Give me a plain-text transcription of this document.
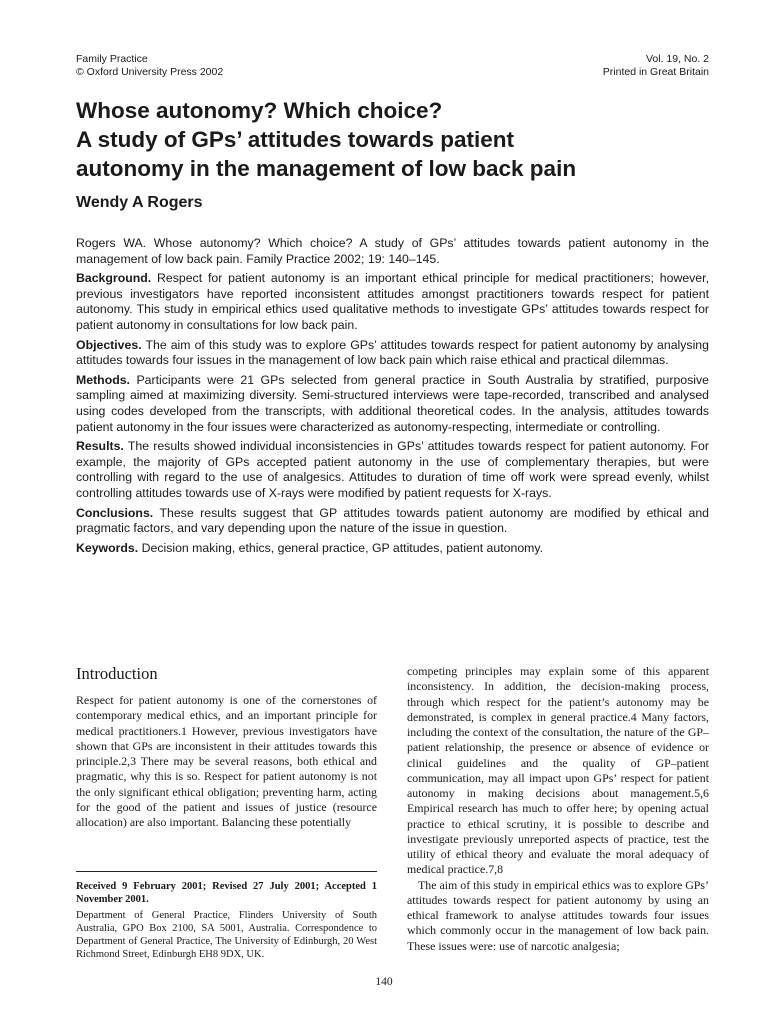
Family Practice
© Oxford University Press 2002
Vol. 19, No. 2
Printed in Great Britain
Whose autonomy? Which choice?
A study of GPs’ attitudes towards patient
autonomy in the management of low back pain
Wendy A Rogers

Rogers WA. Whose autonomy? Which choice? A study of GPs’ attitudes towards patient autonomy in the management of low back pain. Family Practice 2002; 19: 140–145.

Background. Respect for patient autonomy is an important ethical principle for medical practitioners; however, previous investigators have reported inconsistent attitudes amongst practitioners towards respect for patient autonomy. This study in empirical ethics used qualitative methods to investigate GPs’ attitudes towards respect for patient autonomy in consultations for low back pain.

Objectives. The aim of this study was to explore GPs’ attitudes towards respect for patient autonomy by analysing attitudes towards four issues in the management of low back pain which raise ethical and practical dilemmas.

Methods. Participants were 21 GPs selected from general practice in South Australia by stratified, purposive sampling aimed at maximizing diversity. Semi-structured interviews were tape-recorded, transcribed and analysed using codes developed from the transcripts, with additional theoretical codes. In the analysis, attitudes towards patient autonomy in the four issues were characterized as autonomy-respecting, intermediate or controlling.

Results. The results showed individual inconsistencies in GPs’ attitudes towards respect for patient autonomy. For example, the majority of GPs accepted patient autonomy in the use of complementary therapies, but were controlling with regard to the use of analgesics. Attitudes to duration of time off work were spread evenly, whilst controlling attitudes towards use of X-rays were modified by patient requests for X-rays.

Conclusions. These results suggest that GP attitudes towards patient autonomy are modified by ethical and pragmatic factors, and vary depending upon the nature of the issue in question.

Keywords. Decision making, ethics, general practice, GP attitudes, patient autonomy.

Introduction

Respect for patient autonomy is one of the cornerstones of contemporary medical ethics, and an important principle for medical practitioners.1 However, previous investigators have shown that GPs are inconsistent in their attitudes towards this principle.2,3 There may be several reasons, both ethical and pragmatic, why this is so. Respect for patient autonomy is not the only significant ethical obligation; preventing harm, acting for the good of the patient and issues of justice (resource allocation) are also important. Balancing these potentially

competing principles may explain some of this apparent inconsistency. In addition, the decision-making process, through which respect for the patient’s autonomy may be demonstrated, is complex in general practice.4 Many factors, including the context of the consultation, the nature of the GP–patient relationship, the presence or absence of evidence or clinical guidelines and the quality of GP–patient communication, may all impact upon GPs’ respect for patient autonomy in making decisions about management.5,6 Empirical research has much to offer here; by opening actual practice to ethical scrutiny, it is possible to describe and investigate previously unreported aspects of practice, test the utility of ethical theory and evaluate the moral adequacy of medical practice.7,8

The aim of this study in empirical ethics was to explore GPs’ attitudes towards respect for patient autonomy by using an ethical framework to analyse attitudes towards four issues which commonly occur in the management of low back pain. These issues were: use of narcotic analgesia;

Received 9 February 2001; Revised 27 July 2001; Accepted 1 November 2001.

Department of General Practice, Flinders University of South Australia, GPO Box 2100, SA 5001, Australia. Correspondence to Department of General Practice, The University of Edinburgh, 20 West Richmond Street, Edinburgh EH8 9DX, UK.

140
